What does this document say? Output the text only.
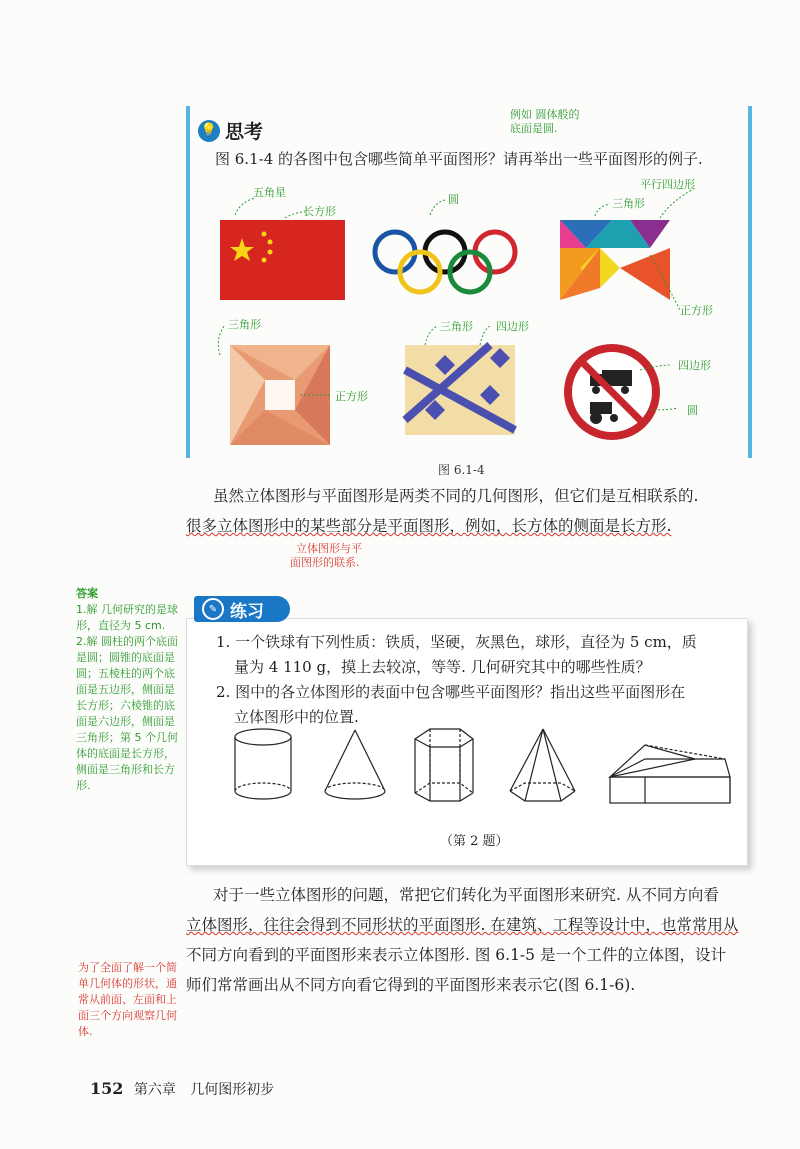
💡 思考
例如 圆体般的
底面是圆.
图 6.1-4 的各图中包含哪些简单平面图形？请再举出一些平面图形的例子.
五角星
长方形
圆	三角形
平行四边形
正方形
三角形
正方形
三角形 四边形
四边形
圆
图 6.1-4
虽然立体图形与平面图形是两类不同的几何图形，但它们是互相联系的.
很多立体图形中的某些部分是平面图形，例如，长方体的侧面是长方形.
立体图形与平
面图形的联系.
答案
1.解 几何研究的是球形，直径为 5 cm.
2.解 圆柱的两个底面是圆；圆锥的底面是圆；五棱柱的两个底面是五边形，侧面是长方形；六棱锥的底面是六边形，侧面是三角形；第 5 个几何体的底面是长方形，侧面是三角形和长方形.
✎ 练习
1. 一个铁球有下列性质：铁质，坚硬，灰黑色，球形，直径为 5 cm，质
量为 4 110 g，摸上去较凉，等等. 几何研究其中的哪些性质？
2. 图中的各立体图形的表面中包含哪些平面图形？指出这些平面图形在
立体图形中的位置.
（第 2 题）
对于一些立体图形的问题，常把它们转化为平面图形来研究. 从不同方向看
立体图形，往往会得到不同形状的平面图形. 在建筑、工程等设计中，也常常用从
不同方向看到的平面图形来表示立体图形. 图 6.1-5 是一个工件的立体图，设计
师们常常画出从不同方向看它得到的平面图形来表示它(图 6.1-6).
为了全面了解一个简单几何体的形状，通常从前面、左面和上面三个方向观察几何体.
152 第六章 几何图形初步
